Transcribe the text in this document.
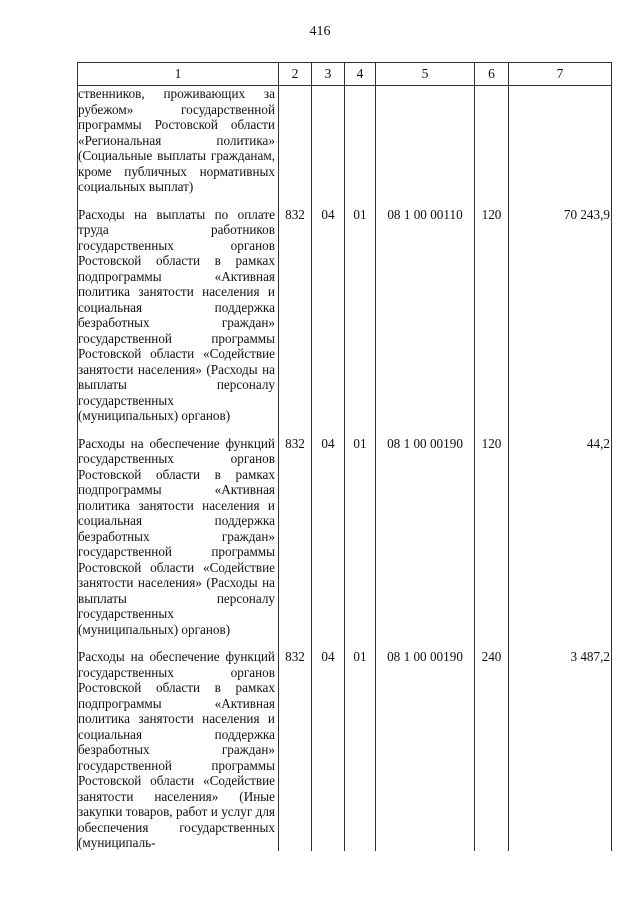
416
1	2	3	4	5	6	7
ственников, проживающих за рубежом» государственной программы Ростовской области «Региональная политика» (Социальные выплаты гражданам, кроме публичных нормативных социальных выплат)						
Расходы на выплаты по оплате труда работников государственных органов Ростовской области в рамках подпрограммы «Активная политика занятости населения и социальная поддержка безработных граждан» государственной программы Ростовской области «Содействие занятости населения» (Расходы на выплаты персоналу государственных (муниципальных) органов)	832	04	01	08 1 00 00110	120	70 243,9
Расходы на обеспечение функций государственных органов Ростовской области в рамках подпрограммы «Активная политика занятости населения и социальная поддержка безработных граждан» государственной программы Ростовской области «Содействие занятости населения» (Расходы на выплаты персоналу государственных (муниципальных) органов)	832	04	01	08 1 00 00190	120	44,2
Расходы на обеспечение функций государственных органов Ростовской области в рамках подпрограммы «Активная политика занятости населения и социальная поддержка безработных граждан» государственной программы Ростовской области «Содействие занятости населения» (Иные закупки товаров, работ и услуг для обеспечения государственных (муниципаль-	832	04	01	08 1 00 00190	240	3 487,2
